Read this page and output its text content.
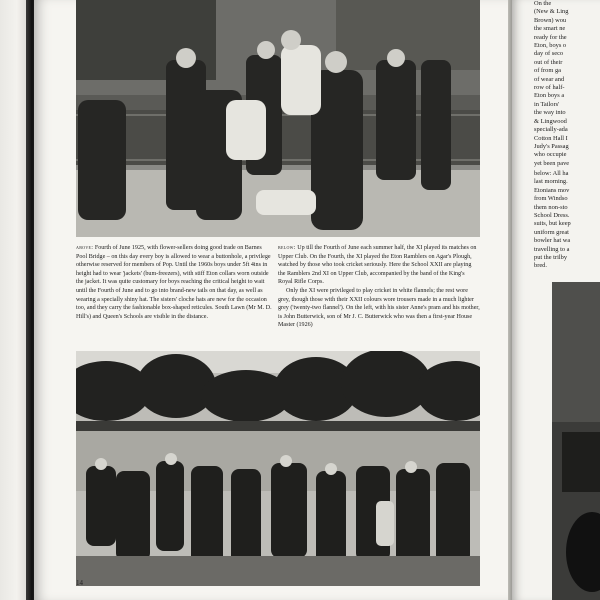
above: Fourth of June 1925, with flower-sellers doing good trade on Barnes Pool Bridge – on this day every boy is allowed to wear a buttonhole, a privilege otherwise reserved for members of Pop. Until the 1960s boys under 5ft 4ins in height had to wear 'jackets' (bum-freezers), with stiff Eton collars worn outside the jacket. It was quite customary for boys reaching the critical height to wait until the Fourth of June and to go into brand-new tails on that day, as well as wearing a specially shiny hat. The sisters' cloche hats are new for the occasion too, and they carry the fashionable box-shaped reticules. South Lawn (Mr M. D. Hill's) and Queen's Schools are visible in the distance.
below: Up till the Fourth of June each summer half, the XI played its matches on Upper Club. On the Fourth, the XI played the Eton Ramblers on Agar's Plough, watched by those who took cricket seriously. Here the School XXII are playing the Ramblers 2nd XI on Upper Club, accompanied by the band of the King's Royal Rifle Corps.
Only the XI were privileged to play cricket in white flannels; the rest wore grey, though those with their XXII colours wore trousers made in a much lighter grey ('twenty-two flannel'). On the left, with his sister Anne's pram and his mother, is John Butterwick, son of Mr J. C. Butterwick who was then a first-year House Master (1926)
14
On the
(New & Ling
Brown) wou
the smart ne
ready for the
Eton, boys o
day of seco
out of their
of from ga
of wear and
row of half-
Eton boys a
in Tailors'
the way into
& Lingwood
specially-ada
Cotton Hall I
Judy's Passag
who occupie
yet been pave
below: All ha
last morning.
Etonians mov
from Windso
them non-sto
School Dress.
suits, but keep
uniform great
bowler hat wa
travelling to a
put the trilby
bred.
